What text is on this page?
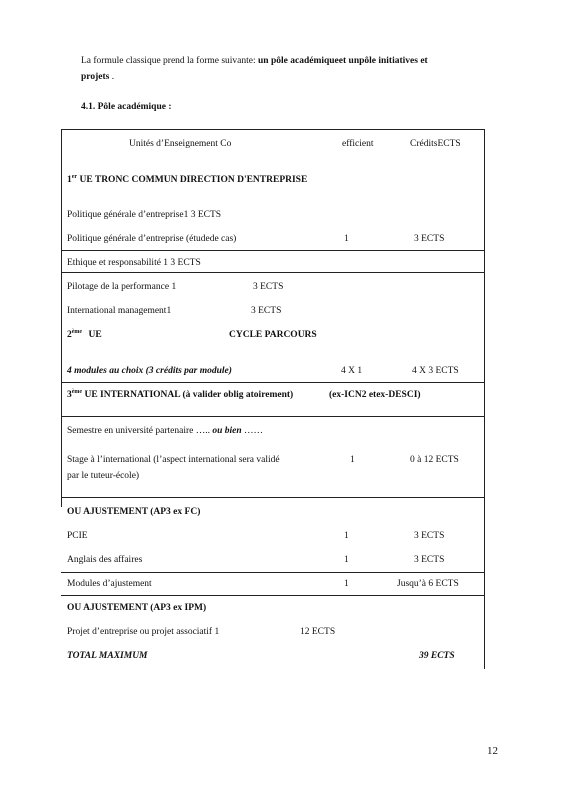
La formule classique prend la forme suivante: un pôle académiqueet unpôle initiatives et
projets .
4.1. Pôle académique :
Unités d’Enseignement Co	efficient	CréditsECTS
1er UE TRONC COMMUN DIRECTION D'ENTREPRISE
Politique générale d’entreprise1 3 ECTS
Politique générale d’entreprise (étudede cas)	1	3 ECTS
Ethique et responsabilité 1 3 ECTS
Pilotage de la performance 1	3 ECTS
International management1	3 ECTS
2ème UE	CYCLE PARCOURS
4 modules au choix (3 crédits par module)	4 X 1	4 X 3 ECTS
3ème UE INTERNATIONAL (à valider oblig atoirement)	(ex-ICN2 etex-DESCI)
Semestre en université partenaire ….. ou bien ……
Stage à l’international (l’aspect international sera validé
par le tuteur-école)
1	0 à 12 ECTS
OU AJUSTEMENT (AP3 ex FC)
PCIE	1	3 ECTS
Anglais des affaires	1	3 ECTS
Modules d’ajustement	1	Jusqu’à 6 ECTS
OU AJUSTEMENT (AP3 ex IPM)
Projet d’entreprise ou projet associatif 1	12 ECTS
TOTAL MAXIMUM	39 ECTS
12
